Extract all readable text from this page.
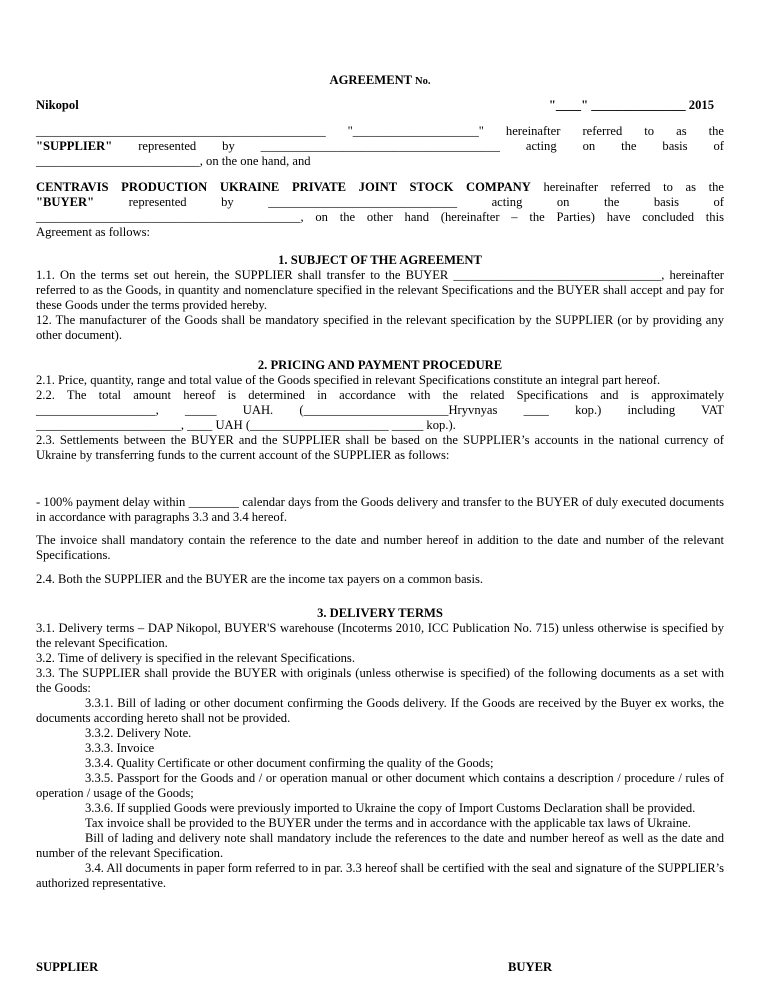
AGREEMENT No.
Nikopol	"____" _______________ 2015
______________________________________________ "____________________" hereinafter referred to as the
"SUPPLIER" represented by ______________________________________ acting on the basis of
__________________________, on the one hand, and
CENTRAVIS PRODUCTION UKRAINE PRIVATE JOINT STOCK COMPANY hereinafter referred to as the
"BUYER" represented by ______________________________ acting on the basis of
__________________________________________, on the other hand (hereinafter – the Parties) have concluded this
Agreement as follows:
1. SUBJECT OF THE AGREEMENT
1.1. On the terms set out herein, the SUPPLIER shall transfer to the BUYER _________________________________, hereinafter referred to as the Goods, in quantity and nomenclature specified in the relevant Specifications and the BUYER shall accept and pay for these Goods under the terms provided hereby.
12. The manufacturer of the Goods shall be mandatory specified in the relevant specification by the SUPPLIER (or by providing any other document).
2. PRICING AND PAYMENT PROCEDURE
2.1. Price, quantity, range and total value of the Goods specified in relevant Specifications constitute an integral part hereof.
2.2. The total amount hereof is determined in accordance with the related Specifications and is approximately
___________________, _____ UAH. (_______________________Hryvnyas ____ kop.) including VAT
_______________________, ____ UAH (______________________ _____ kop.).
2.3. Settlements between the BUYER and the SUPPLIER shall be based on the SUPPLIER’s accounts in the national currency of Ukraine by transferring funds to the current account of the SUPPLIER as follows:
- 100% payment delay within ________ calendar days from the Goods delivery and transfer to the BUYER of duly executed documents in accordance with paragraphs 3.3 and 3.4 hereof.
The invoice shall mandatory contain the reference to the date and number hereof in addition to the date and number of the relevant Specifications.
2.4. Both the SUPPLIER and the BUYER are the income tax payers on a common basis.
3. DELIVERY TERMS
3.1. Delivery terms – DAP Nikopol, BUYER'S warehouse (Incoterms 2010, ICC Publication No. 715) unless otherwise is specified by the relevant Specification.
3.2. Time of delivery is specified in the relevant Specifications.
3.3. The SUPPLIER shall provide the BUYER with originals (unless otherwise is specified) of the following documents as a set with the Goods:
3.3.1. Bill of lading or other document confirming the Goods delivery. If the Goods are received by the Buyer ex works, the documents according hereto shall not be provided.
3.3.2. Delivery Note.
3.3.3. Invoice
3.3.4. Quality Certificate or other document confirming the quality of the Goods;
3.3.5. Passport for the Goods and / or operation manual or other document which contains a description / procedure / rules of operation / usage of the Goods;
3.3.6. If supplied Goods were previously imported to Ukraine the copy of Import Customs Declaration shall be provided.
Tax invoice shall be provided to the BUYER under the terms and in accordance with the applicable tax laws of Ukraine.
Bill of lading and delivery note shall mandatory include the references to the date and number hereof as well as the date and number of the relevant Specification.
3.4. All documents in paper form referred to in par. 3.3 hereof shall be certified with the seal and signature of the SUPPLIER’s authorized representative.
SUPPLIER	BUYER
